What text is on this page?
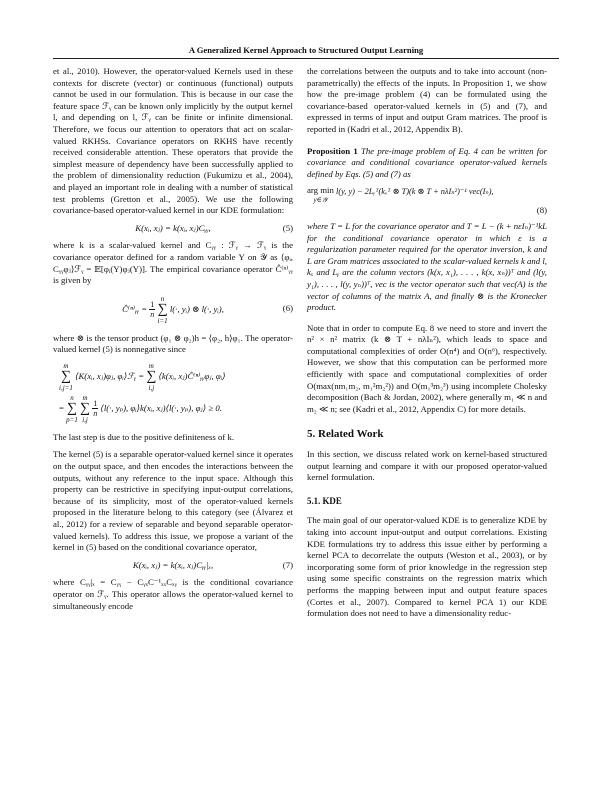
A Generalized Kernel Approach to Structured Output Learning

et al., 2010). However, the operator-valued Kernels used in these contexts for discrete (vector) or continuous (functional) outputs cannot be used in our formulation. This is because in our case the feature space ℱᵧ can be known only implicitly by the output kernel l, and depending on l, ℱᵧ can be finite or infinite dimensional. Therefore, we focus our attention to operators that act on scalar-valued RKHSs. Covariance operators on RKHS have recently received considerable attention. These operators that provide the simplest measure of dependency have been successfully applied to the problem of dimensionality reduction (Fukumizu et al., 2004), and played an important role in dealing with a number of statistical test problems (Gretton et al., 2005). We use the following covariance-based operator-valued kernel in our KDE formulation:

K(xᵢ, xⱼ) = k(xᵢ, xⱼ)Cᵧᵧ,	(5)

where k is a scalar-valued kernel and Cᵧᵧ : ℱᵧ → ℱᵧ is the covariance operator defined for a random variable Y on 𝒴 as ⟨φᵢ, Cᵧᵧφⱼ⟩ℱᵧ = 𝔼[φᵢ(Y)φⱼ(Y)]. The empirical covariance operator Ĉ⁽ⁿ⁾ᵧᵧ is given by

Ĉ⁽ⁿ⁾ᵧᵧ = $\frac{1}{n}$
n
∑
i=1 l(·, yᵢ) ⊗ l(·, yᵢ),	(6)

where ⊗ is the tensor product (φ₁ ⊗ φ₂)h = ⟨φ₂, h⟩φ₁. The operator-valued kernel (5) is nonnegative since

m
∑
i,j=1 ⟨K(xᵢ, xⱼ)φⱼ, φᵢ⟩ℱᵧ = m
∑
i,j ⟨k(xᵢ, xⱼ)Ĉ⁽ⁿ⁾ᵧᵧφⱼ, φᵢ⟩
= n
∑
p=1 m
∑
i,j
$\frac{1}{n}$ ⟨l(·, yₚ), φᵢ⟩k(xᵢ, xⱼ)⟨l(·, yₚ), φⱼ⟩ ≥ 0.

The last step is due to the positive definiteness of k.

The kernel (5) is a separable operator-valued kernel since it operates on the output space, and then encodes the interactions between the outputs, without any reference to the input space. Although this property can be restrictive in specifying input-output correlations, because of its simplicity, most of the operator-valued kernels proposed in the literature belong to this category (see (Álvarez et al., 2012) for a review of separable and beyond separable operator-valued kernels). To address this issue, we propose a variant of the kernel in (5) based on the conditional covariance operator,

K(xᵢ, xⱼ) = k(xᵢ, xⱼ)Cᵧᵧ|ₓ,	(7)

where Cᵧᵧ|ₓ = Cᵧᵧ − CᵧₓC⁻¹ₓₓCₓᵧ is the conditional covariance operator on ℱᵧ. This operator allows the operator-valued kernel to simultaneously encode

the correlations between the outputs and to take into account (non-parametrically) the effects of the inputs. In Proposition 1, we show how the pre-image problem (4) can be formulated using the covariance-based operator-valued kernels in (5) and (7), and expressed in terms of input and output Gram matrices. The proof is reported in (Kadri et al., 2012, Appendix B).

Proposition 1 The pre-image problem of Eq. 4 can be written for covariance and conditional covariance operator-valued kernels defined by Eqs. (5) and (7) as

arg min
y∈𝒴 l(y, y) − 2Lᵧᵀ(kₓᵀ ⊗ T)(k ⊗ T + nλIₙ²)⁻¹ vec(Iₙ),
(8)

where T = L for the covariance operator and T = L − (k + nεIₙ)⁻¹kL for the conditional covariance operator in which ε is a regularization parameter required for the operator inversion, k and L are Gram matrices associated to the scalar-valued kernels k and l, kₓ and Lᵧ are the column vectors (k(x, x₁), . . . , k(x, xₙ))ᵀ and (l(y, y₁), . . . , l(y, yₙ))ᵀ, vec is the vector operator such that vec(A) is the vector of columns of the matrix A, and finally ⊗ is the Kronecker product.

Note that in order to compute Eq. 8 we need to store and invert the n² × n² matrix (k ⊗ T + nλIₙ²), which leads to space and computational complexities of order O(n⁴) and O(n⁶), respectively. However, we show that this computation can be performed more efficiently with space and computational complexities of order O(max(nm₁m₂, m₁²m₂²)) and O(m₁³m₂³) using incomplete Cholesky decomposition (Bach & Jordan, 2002), where generally m₁ ≪ n and m₂ ≪ n; see (Kadri et al., 2012, Appendix C) for more details.

5. Related Work

In this section, we discuss related work on kernel-based structured output learning and compare it with our proposed operator-valued kernel formulation.

5.1. KDE

The main goal of our operator-valued KDE is to generalize KDE by taking into account input-output and output correlations. Existing KDE formulations try to address this issue either by performing a kernel PCA to decorrelate the outputs (Weston et al., 2003), or by incorporating some form of prior knowledge in the regression step using some specific constraints on the regression matrix which performs the mapping between input and output feature spaces (Cortes et al., 2007). Compared to kernel PCA 1) our KDE formulation does not need to have a dimensionality reduc-
